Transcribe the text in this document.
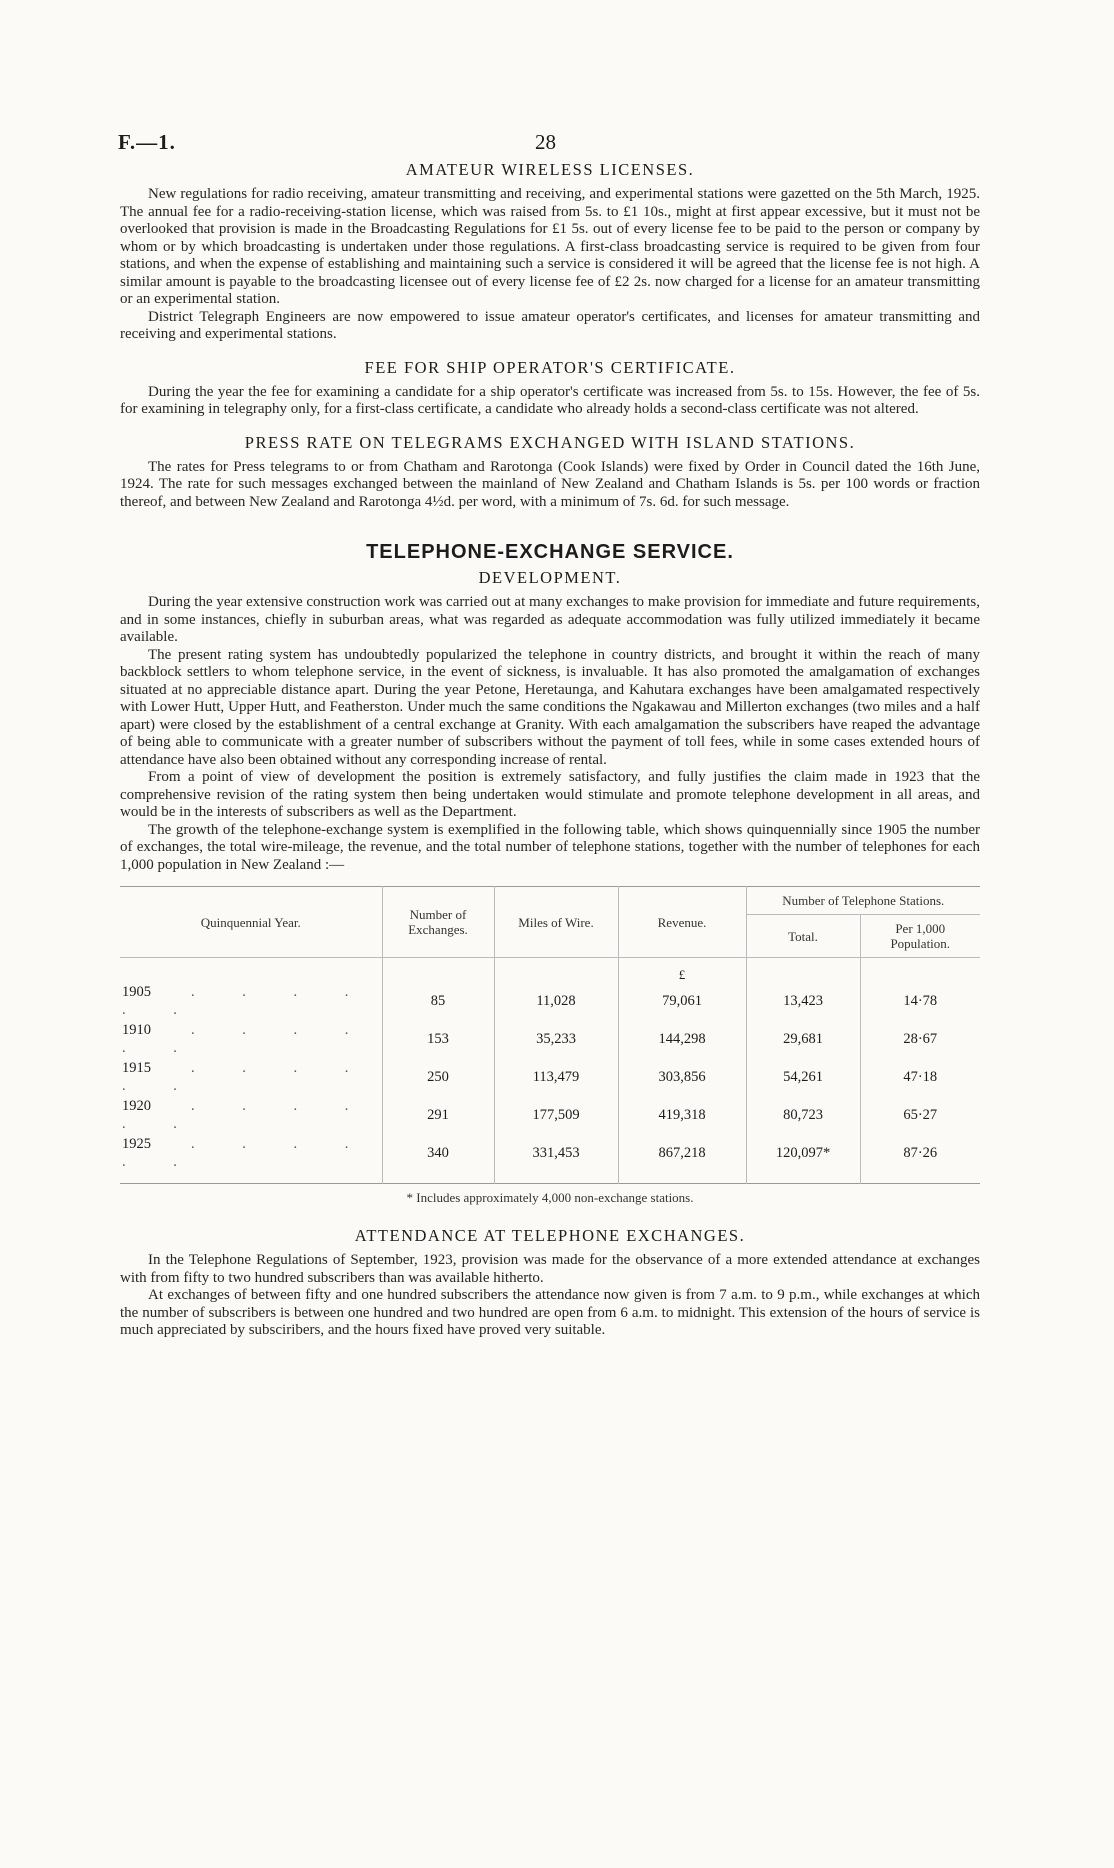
F.—1.	28
AMATEUR WIRELESS LICENSES.

New regulations for radio receiving, amateur transmitting and receiving, and experimental stations were gazetted on the 5th March, 1925. The annual fee for a radio-receiving-station license, which was raised from 5s. to £1 10s., might at first appear excessive, but it must not be overlooked that provision is made in the Broadcasting Regulations for £1 5s. out of every license fee to be paid to the person or company by whom or by which broadcasting is undertaken under those regulations. A first-class broadcasting service is required to be given from four stations, and when the expense of establishing and maintaining such a service is considered it will be agreed that the license fee is not high. A similar amount is payable to the broadcasting licensee out of every license fee of £2 2s. now charged for a license for an amateur transmitting or an experimental station.

District Telegraph Engineers are now empowered to issue amateur operator's certificates, and licenses for amateur transmitting and receiving and experimental stations.

FEE FOR SHIP OPERATOR'S CERTIFICATE.

During the year the fee for examining a candidate for a ship operator's certificate was increased from 5s. to 15s. However, the fee of 5s. for examining in telegraphy only, for a first-class certificate, a candidate who already holds a second-class certificate was not altered.

PRESS RATE ON TELEGRAMS EXCHANGED WITH ISLAND STATIONS.

The rates for Press telegrams to or from Chatham and Rarotonga (Cook Islands) were fixed by Order in Council dated the 16th June, 1924. The rate for such messages exchanged between the mainland of New Zealand and Chatham Islands is 5s. per 100 words or fraction thereof, and between New Zealand and Rarotonga 4½d. per word, with a minimum of 7s. 6d. for such message.

TELEPHONE-EXCHANGE SERVICE.
DEVELOPMENT.

During the year extensive construction work was carried out at many exchanges to make provision for immediate and future requirements, and in some instances, chiefly in suburban areas, what was regarded as adequate accommodation was fully utilized immediately it became available.

The present rating system has undoubtedly popularized the telephone in country districts, and brought it within the reach of many backblock settlers to whom telephone service, in the event of sickness, is invaluable. It has also promoted the amalgamation of exchanges situated at no appreciable distance apart. During the year Petone, Heretaunga, and Kahutara exchanges have been amalgamated respectively with Lower Hutt, Upper Hutt, and Featherston. Under much the same conditions the Ngakawau and Millerton exchanges (two miles and a half apart) were closed by the establishment of a central exchange at Granity. With each amalgamation the subscribers have reaped the advantage of being able to communicate with a greater number of subscribers without the payment of toll fees, while in some cases extended hours of attendance have also been obtained without any corresponding increase of rental.

From a point of view of development the position is extremely satisfactory, and fully justifies the claim made in 1923 that the comprehensive revision of the rating system then being undertaken would stimulate and promote telephone development in all areas, and would be in the interests of subscribers as well as the Department.

The growth of the telephone-exchange system is exemplified in the following table, which shows quinquennially since 1905 the number of exchanges, the total wire-mileage, the revenue, and the total number of telephone stations, together with the number of telephones for each 1,000 population in New Zealand :—

Quinquennial Year.	Number of Exchanges.	Miles of Wire.	Revenue.	Number of Telephone Stations.	
				Total.	Per 1,000 Population.
			£		
1905 . . . . . .	85	11,028	79,061	13,423	14·78
1910 . . . . . .	153	35,233	144,298	29,681	28·67
1915 . . . . . .	250	113,479	303,856	54,261	47·18
1920 . . . . . .	291	177,509	419,318	80,723	65·27
1925 . . . . . .	340	331,453	867,218	120,097*	87·26
* Includes approximately 4,000 non-exchange stations.
ATTENDANCE AT TELEPHONE EXCHANGES.

In the Telephone Regulations of September, 1923, provision was made for the observance of a more extended attendance at exchanges with from fifty to two hundred subscribers than was available hitherto.

At exchanges of between fifty and one hundred subscribers the attendance now given is from 7 a.m. to 9 p.m., while exchanges at which the number of subscribers is between one hundred and two hundred are open from 6 a.m. to midnight. This extension of the hours of service is much appreciated by subsciribers, and the hours fixed have proved very suitable.
